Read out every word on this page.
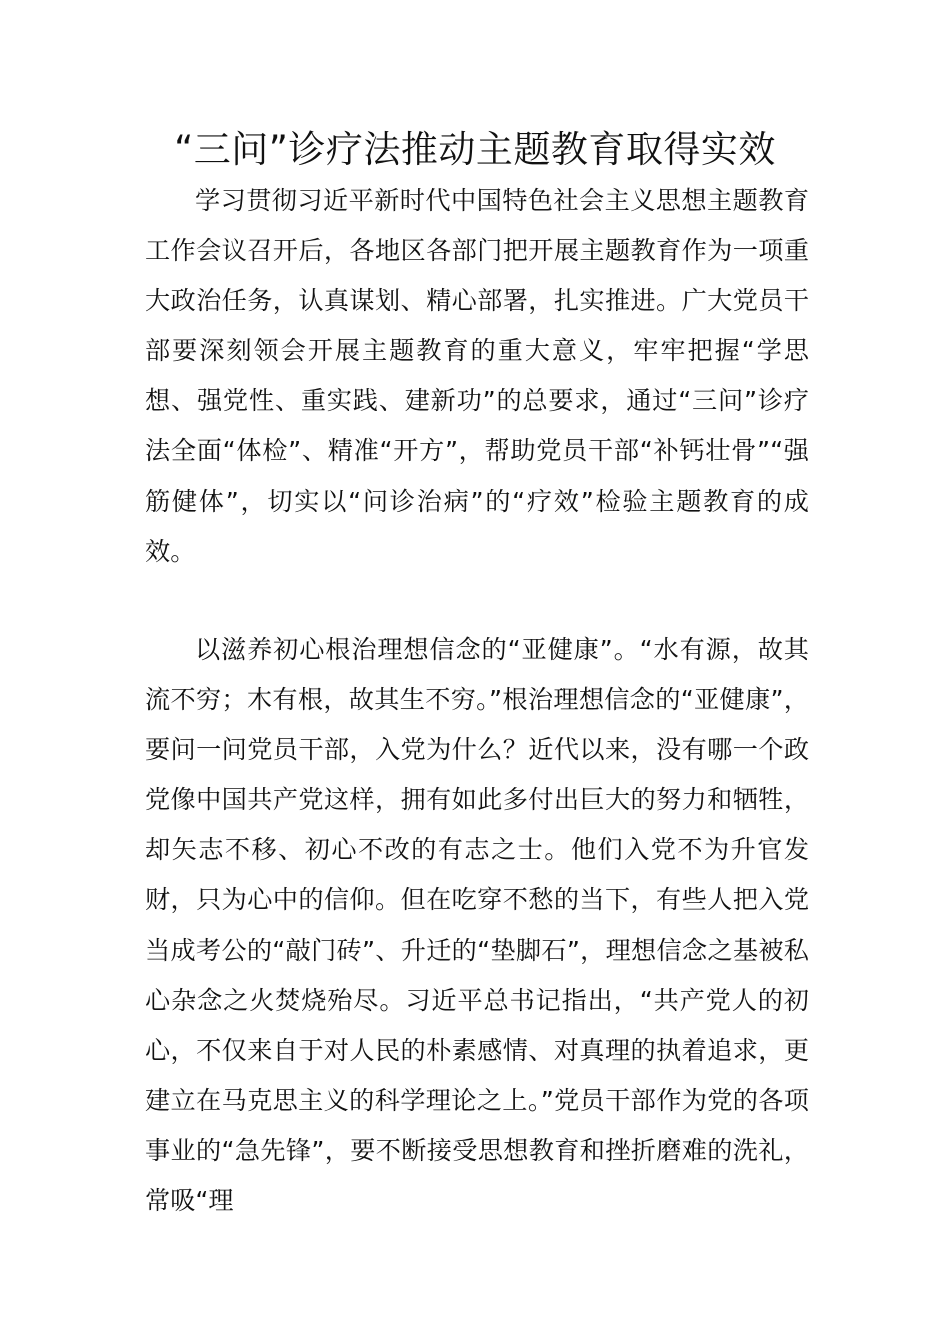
“三问”诊疗法推动主题教育取得实效

学习贯彻习近平新时代中国特色社会主义思想主题教育工作会议召开后，各地区各部门把开展主题教育作为一项重大政治任务，认真谋划、精心部署，扎实推进。广大党员干部要深刻领会开展主题教育的重大意义，牢牢把握“学思想、强党性、重实践、建新功”的总要求，通过“三问”诊疗法全面“体检”、精准“开方”，帮助党员干部“补钙壮骨”“强筋健体”，切实以“问诊治病”的“疗效”检验主题教育的成效。

以滋养初心根治理想信念的“亚健康”。“水有源，故其流不穷；木有根，故其生不穷。”根治理想信念的“亚健康”，要问一问党员干部，入党为什么？近代以来，没有哪一个政党像中国共产党这样，拥有如此多付出巨大的努力和牺牲，却矢志不移、初心不改的有志之士。他们入党不为升官发财，只为心中的信仰。但在吃穿不愁的当下，有些人把入党当成考公的“敲门砖”、升迁的“垫脚石”，理想信念之基被私心杂念之火焚烧殆尽。习近平总书记指出，“共产党人的初心，不仅来自于对人民的朴素感情、对真理的执着追求，更建立在马克思主义的科学理论之上。”党员干部作为党的各项事业的“急先锋”，要不断接受思想教育和挫折磨难的洗礼，常吸“理
